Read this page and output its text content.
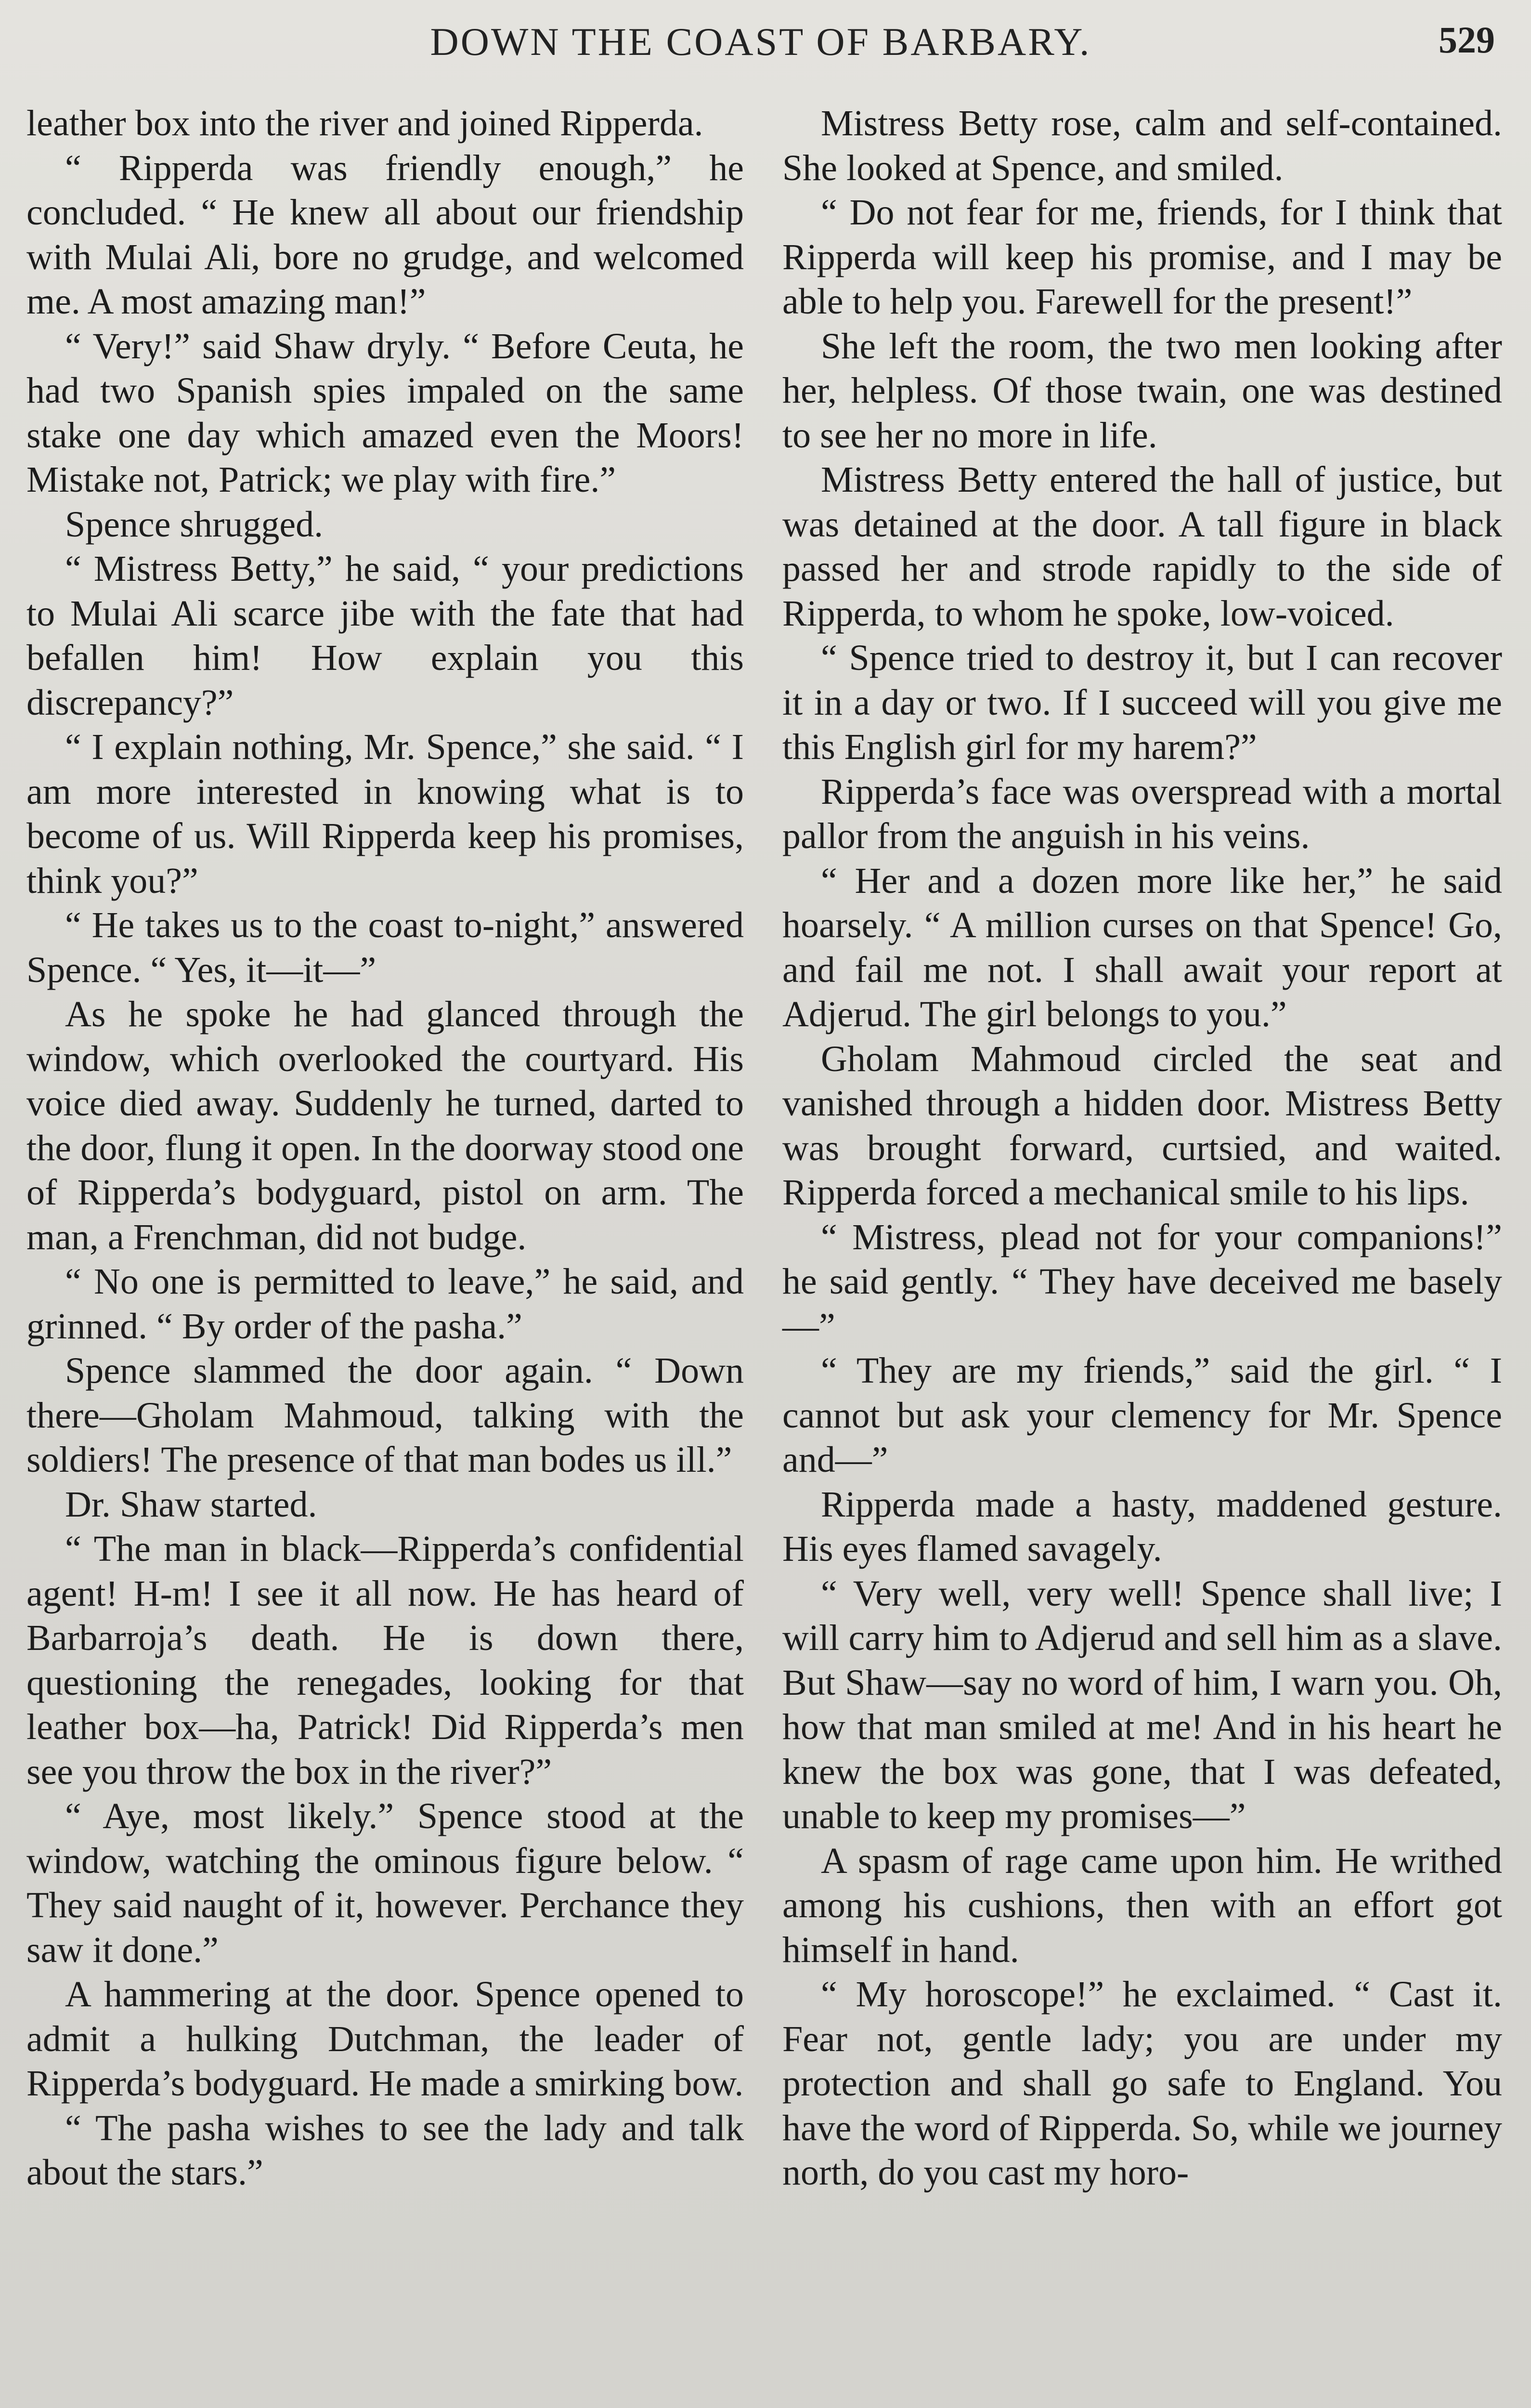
DOWN THE COAST OF BARBARY.	529

leather box into the river and joined Ripperda.

“ Ripperda was friendly enough,” he concluded. “ He knew all about our friendship with Mulai Ali, bore no grudge, and welcomed me. A most amazing man!”

“ Very!” said Shaw dryly. “ Before Ceuta, he had two Spanish spies impaled on the same stake one day which amazed even the Moors! Mistake not, Patrick; we play with fire.”

Spence shrugged.

“ Mistress Betty,” he said, “ your predictions to Mulai Ali scarce jibe with the fate that had befallen him! How explain you this discrepancy?”

“ I explain nothing, Mr. Spence,” she said. “ I am more interested in knowing what is to become of us. Will Ripperda keep his promises, think you?”

“ He takes us to the coast to-night,” answered Spence. “ Yes, it—it—”

As he spoke he had glanced through the window, which overlooked the courtyard. His voice died away. Suddenly he turned, darted to the door, flung it open. In the doorway stood one of Ripperda’s bodyguard, pistol on arm. The man, a Frenchman, did not budge.

“ No one is permitted to leave,” he said, and grinned. “ By order of the pasha.”

Spence slammed the door again. “ Down there—Gholam Mahmoud, talking with the soldiers! The presence of that man bodes us ill.”

Dr. Shaw started.

“ The man in black—Ripperda’s confidential agent! H-m! I see it all now. He has heard of Barbarroja’s death. He is down there, questioning the renegades, looking for that leather box—ha, Patrick! Did Ripperda’s men see you throw the box in the river?”

“ Aye, most likely.” Spence stood at the window, watching the ominous figure below. “ They said naught of it, however. Perchance they saw it done.”

A hammering at the door. Spence opened to admit a hulking Dutchman, the leader of Ripperda’s bodyguard. He made a smirking bow.

“ The pasha wishes to see the lady and talk about the stars.”

Mistress Betty rose, calm and self-contained. She looked at Spence, and smiled.

“ Do not fear for me, friends, for I think that Ripperda will keep his promise, and I may be able to help you. Farewell for the present!”

She left the room, the two men looking after her, helpless. Of those twain, one was destined to see her no more in life.

Mistress Betty entered the hall of justice, but was detained at the door. A tall figure in black passed her and strode rapidly to the side of Ripperda, to whom he spoke, low-voiced.

“ Spence tried to destroy it, but I can recover it in a day or two. If I succeed will you give me this English girl for my harem?”

Ripperda’s face was overspread with a mortal pallor from the anguish in his veins.

“ Her and a dozen more like her,” he said hoarsely. “ A million curses on that Spence! Go, and fail me not. I shall await your report at Adjerud. The girl belongs to you.”

Gholam Mahmoud circled the seat and vanished through a hidden door. Mistress Betty was brought forward, curtsied, and waited. Ripperda forced a mechanical smile to his lips.

“ Mistress, plead not for your companions!” he said gently. “ They have deceived me basely—”

“ They are my friends,” said the girl. “ I cannot but ask your clemency for Mr. Spence and—”

Ripperda made a hasty, maddened gesture. His eyes flamed savagely.

“ Very well, very well! Spence shall live; I will carry him to Adjerud and sell him as a slave. But Shaw—say no word of him, I warn you. Oh, how that man smiled at me! And in his heart he knew the box was gone, that I was defeated, unable to keep my promises—”

A spasm of rage came upon him. He writhed among his cushions, then with an effort got himself in hand.

“ My horoscope!” he exclaimed. “ Cast it. Fear not, gentle lady; you are under my protection and shall go safe to England. You have the word of Ripperda. So, while we journey north, do you cast my horo-
